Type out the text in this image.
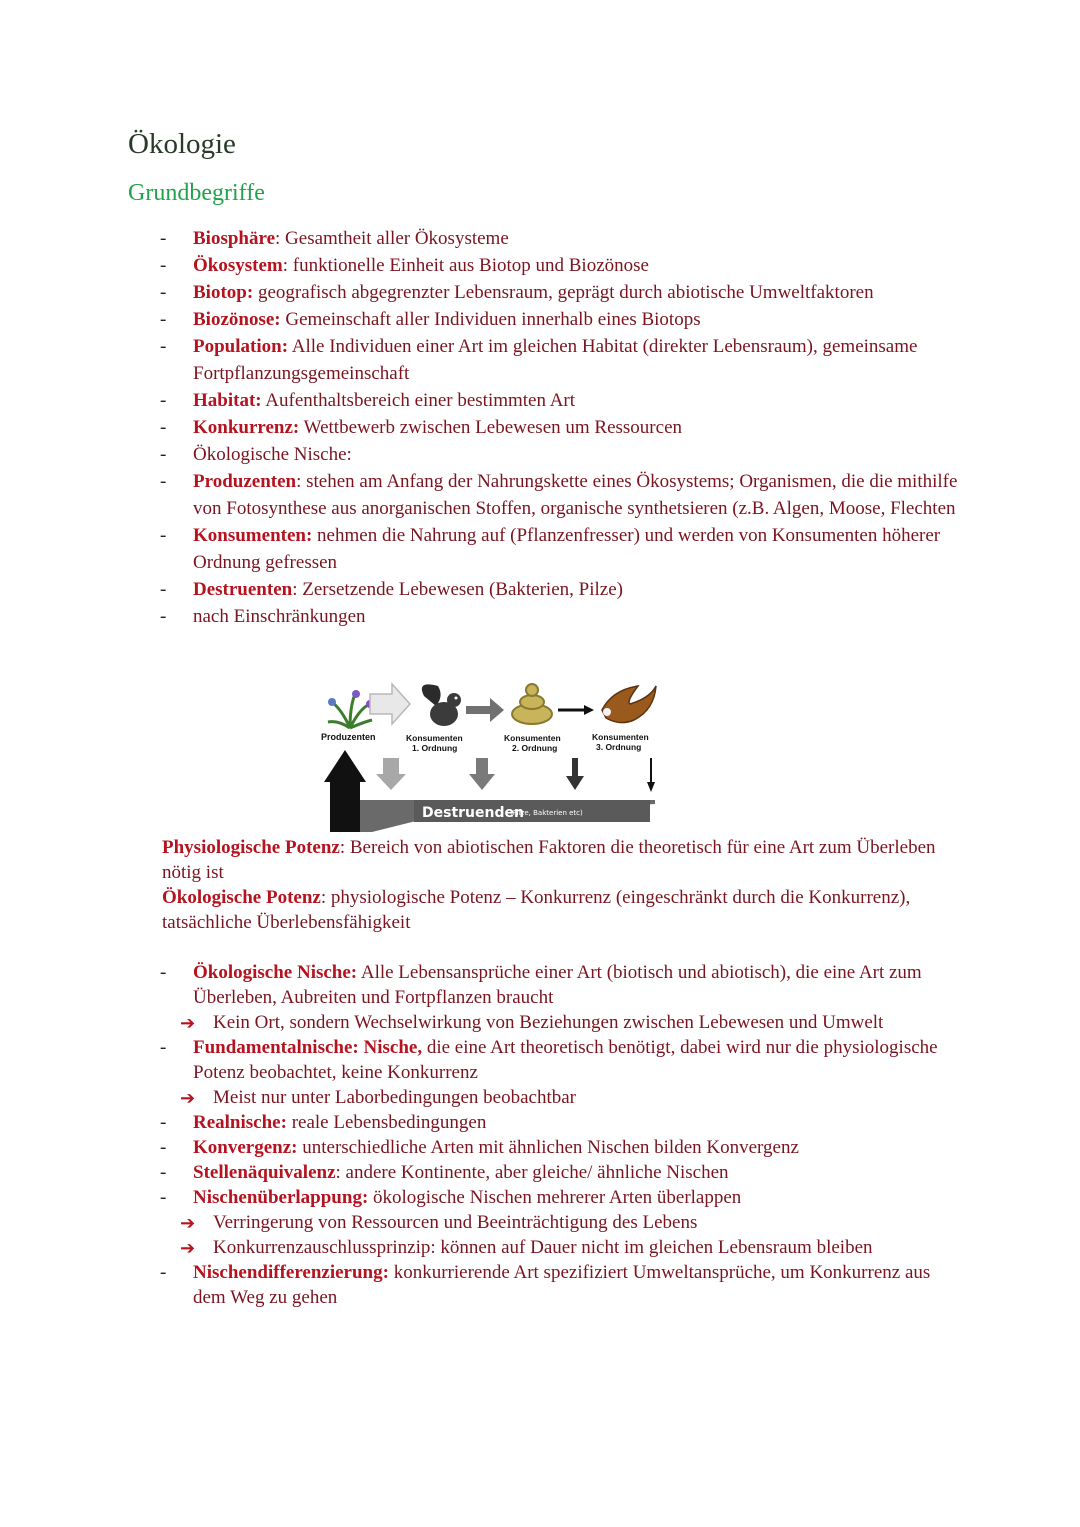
Ökologie
Grundbegriffe
- Biosphäre: Gesamtheit aller Ökosysteme
- Ökosystem: funktionelle Einheit aus Biotop und Biozönose
- Biotop: geografisch abgegrenzter Lebensraum, geprägt durch abiotische Umweltfaktoren
- Biozönose: Gemeinschaft aller Individuen innerhalb eines Biotops
- Population: Alle Individuen einer Art im gleichen Habitat (direkter Lebensraum), gemeinsame Fortpflanzungsgemeinschaft
- Habitat: Aufenthaltsbereich einer bestimmten Art
- Konkurrenz: Wettbewerb zwischen Lebewesen um Ressourcen
- Ökologische Nische:
- Produzenten: stehen am Anfang der Nahrungskette eines Ökosystems; Organismen, die die mithilfe von Fotosynthese aus anorganischen Stoffen, organische synthetsieren (z.B. Algen, Moose, Flechten
- Konsumenten: nehmen die Nahrung auf (Pflanzenfresser) und werden von Konsumenten höherer Ordnung gefressen
- Destruenten: Zersetzende Lebewesen (Bakterien, Pilze)
- nach Einschränkungen
Produzenten	Konsumenten
1. Ordnung
Konsumenten
2. Ordnung
Konsumenten
3. Ordnung
Destruenden
(Pilze, Bakterien etc)
Physiologische Potenz: Bereich von abiotischen Faktoren die theoretisch für eine Art zum Überleben nötig ist
Ökologische Potenz: physiologische Potenz – Konkurrenz (eingeschränkt durch die Konkurrenz), tatsächliche Überlebensfähigkeit
- Ökologische Nische: Alle Lebensansprüche einer Art (biotisch und abiotisch), die eine Art zum Überleben, Aubreiten und Fortpflanzen braucht
➔ Kein Ort, sondern Wechselwirkung von Beziehungen zwischen Lebewesen und Umwelt
- Fundamentalnische: Nische, die eine Art theoretisch benötigt, dabei wird nur die physiologische Potenz beobachtet, keine Konkurrenz
➔ Meist nur unter Laborbedingungen beobachtbar
- Realnische: reale Lebensbedingungen
- Konvergenz: unterschiedliche Arten mit ähnlichen Nischen bilden Konvergenz
- Stellenäquivalenz: andere Kontinente, aber gleiche/ ähnliche Nischen
- Nischenüberlappung: ökologische Nischen mehrerer Arten überlappen
➔ Verringerung von Ressourcen und Beeinträchtigung des Lebens
➔ Konkurrenzauschlussprinzip: können auf Dauer nicht im gleichen Lebensraum bleiben
- Nischendifferenzierung: konkurrierende Art spezifiziert Umweltansprüche, um Konkurrenz aus dem Weg zu gehen
